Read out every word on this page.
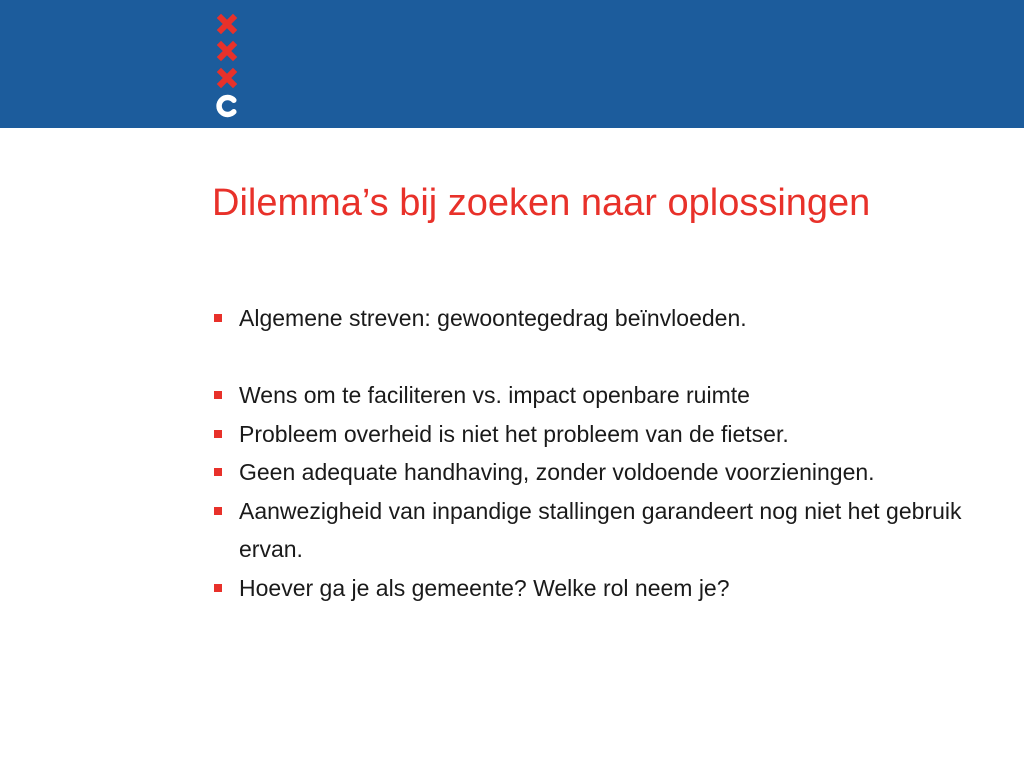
Dilemma’s bij zoeken naar oplossingen
Algemene streven: gewoontegedrag beïnvloeden.
Wens om te faciliteren vs. impact openbare ruimte
Probleem overheid is niet het probleem van de fietser.
Geen adequate handhaving, zonder voldoende voorzieningen.
Aanwezigheid van inpandige stallingen garandeert nog niet het gebruik ervan.
Hoever ga je als gemeente? Welke rol neem je?
